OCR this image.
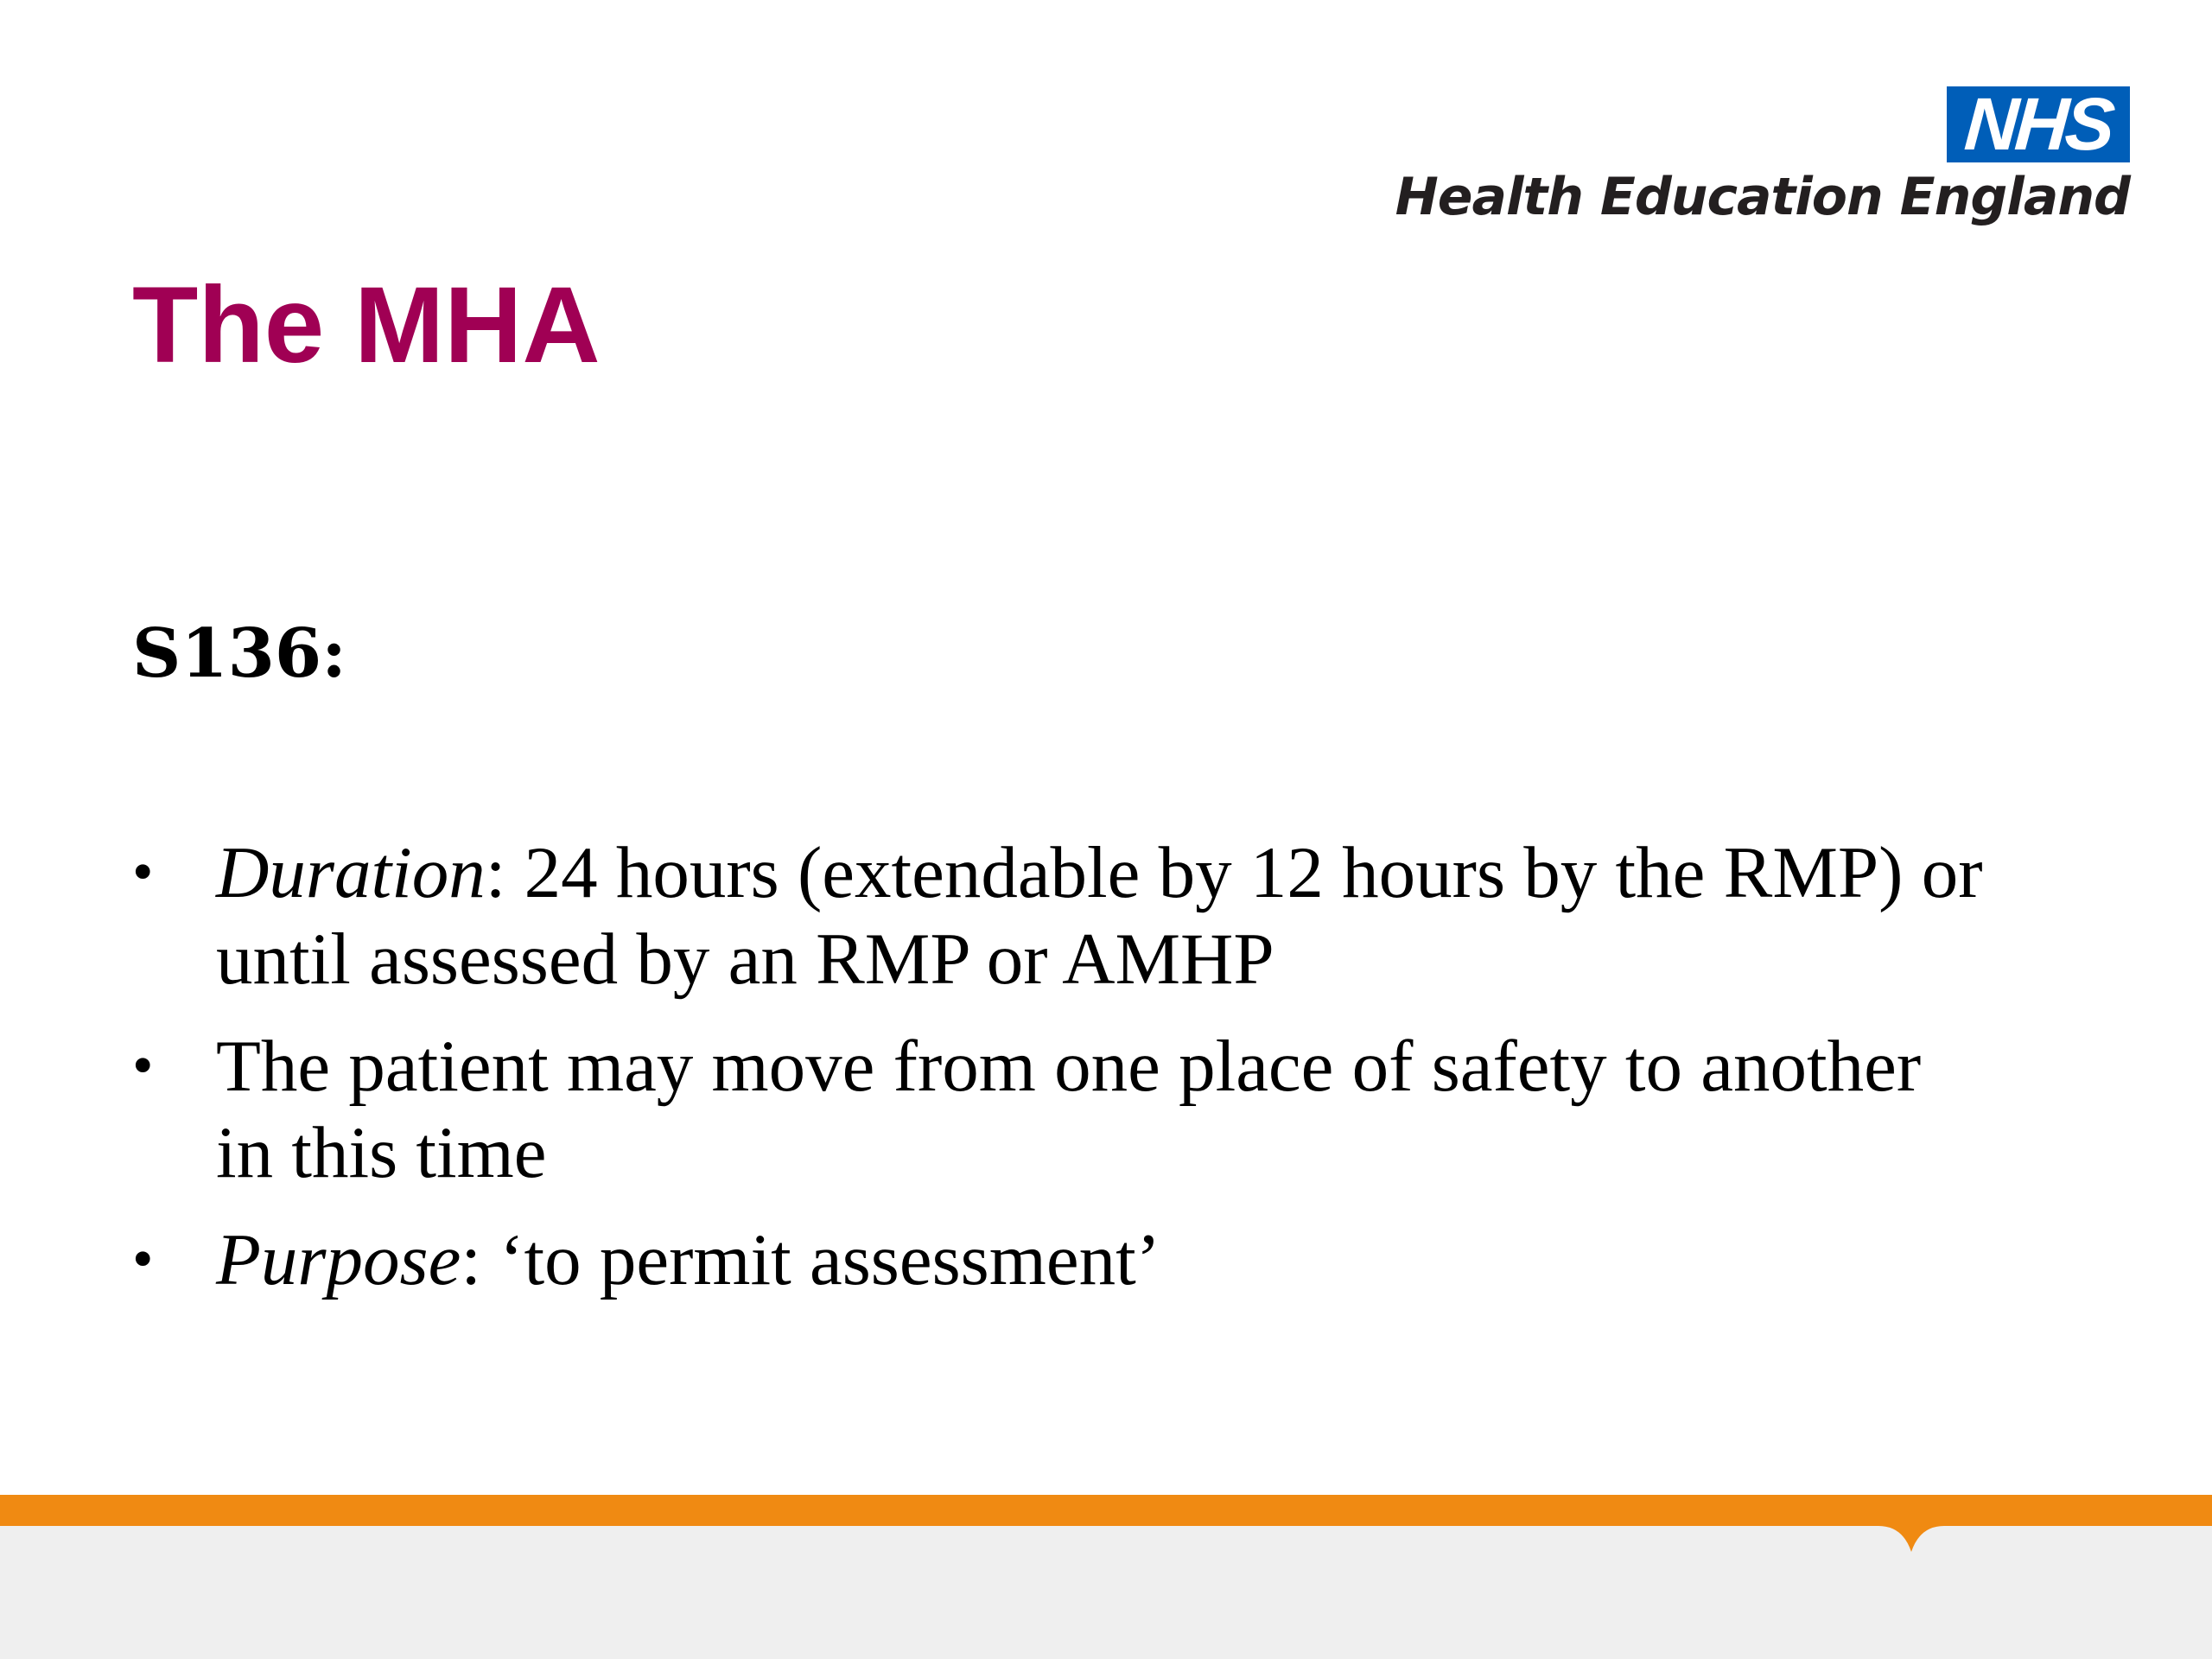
NHS
Health Education England
The MHA
S136:
• Duration: 24 hours (extendable by 12 hours by the RMP) or until assessed by an RMP or AMHP
• The patient may move from one place of safety to another in this time
• Purpose: ‘to permit assessment’
